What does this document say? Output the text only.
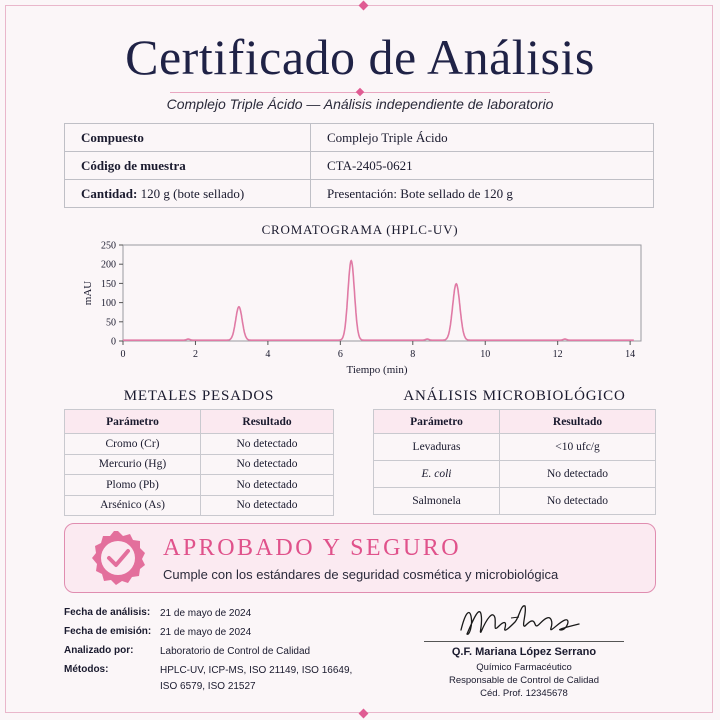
Certificado de Análisis
Complejo Triple Ácido — Análisis independiente de laboratorio
Compuesto	Complejo Triple Ácido
Código de muestra	CTA-2405-0621
Cantidad: 120 g (bote sellado)	Presentación: Bote sellado de 120 g
CROMATOGRAMA (HPLC-UV)
0
50
100
150
200
250
0	2	4	6	8	10	12	14
Tiempo (min)
mAU
METALES PESADOS
Parámetro	Resultado
Cromo (Cr)	No detectado
Mercurio (Hg)	No detectado
Plomo (Pb)	No detectado
Arsénico (As)	No detectado
ANÁLISIS MICROBIOLÓGICO
Parámetro	Resultado
Levaduras	<10 ufc/g
E. coli	No detectado
Salmonela	No detectado
APROBADO Y SEGURO
Cumple con los estándares de seguridad cosmética y microbiológica
Fecha de análisis: 21 de mayo de 2024
Fecha de emisión: 21 de mayo de 2024
Analizado por:	Laboratorio de Control de Calidad
Métodos:	HPLC-UV, ICP-MS, ISO 21149, ISO 16649,
ISO 6579, ISO 21527
Q.F. Mariana López Serrano
Químico Farmacéutico
Responsable de Control de Calidad
Céd. Prof. 12345678
